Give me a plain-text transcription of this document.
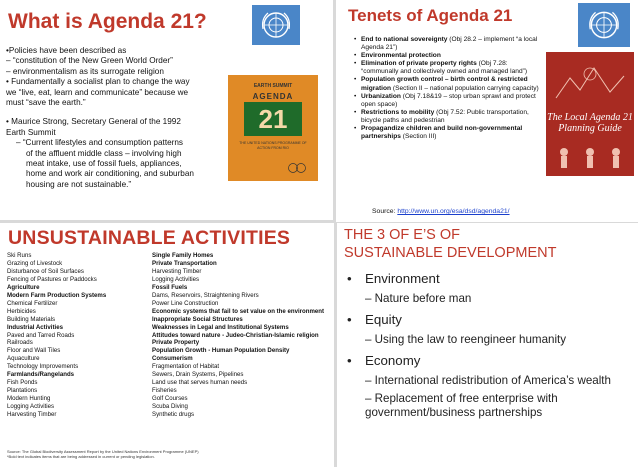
What is Agenda 21?
•Policies have been described as
– “constitution of the New Green World Order”
– environmentalism as its surrogate religion
• Fundamentally a socialist plan to change the way
we “live, eat, learn and communicate” because we
must “save the earth.”
• Maurice Strong, Secretary General of the 1992
Earth Summit
– “Current lifestyles and consumption patterns
of the affluent middle class – involving high
meat intake, use of fossil fuels, appliances,
home and work air conditioning, and suburban
housing are not sustainable.”
EARTH SUMMIT
AGENDA
21
THE UNITED NATIONS PROGRAMME OF ACTION FROM RIO
Tenets of Agenda 21
• End to national sovereignty (Obj 28.2 – implement “a local Agenda 21”)
• Environmental protection
• Elimination of private property rights (Obj 7.28: “communally and collectively owned and managed land”)
• Population growth control – birth control & restricted migration (Section II – national population carrying capacity)
• Urbanization (Obj 7.18&19 – stop urban sprawl and protect open space)
• Restrictions to mobility (Obj 7.52: Public transportation, bicycle paths and pedestrian
• Propagandize children and build non-governmental partnerships (Section III)
The Local Agenda 21 Planning Guide
Source: http://www.un.org/esa/dsd/agenda21/
UNSUSTAINABLE ACTIVITIES
Ski Runs
Grazing of Livestock
Disturbance of Soil Surfaces
Fencing of Pastures or Paddocks
Agriculture
Modern Farm Production Systems
Chemical Fertilizer
Herbicides
Building Materials
Industrial Activities
Paved and Tarred Roads
Railroads
Floor and Wall Tiles
Aquaculture
Technology Improvements
Farmlands/Rangelands
Fish Ponds
Plantations
Modern Hunting
Logging Activities
Harvesting Timber
Single Family Homes
Private Transportation
Harvesting Timber
Logging Activities
Fossil Fuels
Dams, Reservoirs, Straightening Rivers
Power Line Construction
Economic systems that fail to set value on the environment
Inappropriate Social Structures
Weaknesses in Legal and Institutional Systems
Attitudes toward nature - Judeo-Christian-Islamic religion
Private Property
Population Growth - Human Population Density
Consumerism
Fragmentation of Habitat
Sewers, Drain Systems, Pipelines
Land use that serves human needs
Fisheries
Golf Courses
Scuba Diving
Synthetic drugs
Source: The Global Biodiversity Assessment Report by the United Nations Environment Programme (UNEP)
*Bold text indicates items that are being addressed in current or pending legislation.
THE 3 OF E’S OF
SUSTAINABLE DEVELOPMENT
• Environment
– Nature before man
• Equity
– Using the law to reengineer humanity
• Economy
– International redistribution of America’s wealth
– Replacement of free enterprise with government/business partnerships
